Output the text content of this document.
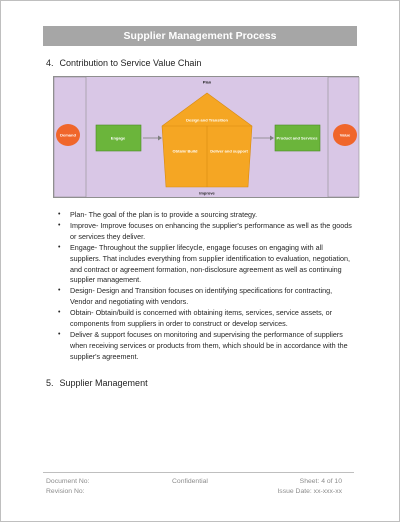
Supplier Management Process
4. Contribution to Service Value Chain
Plan
Improve
Demand	Value
Engage	Product and Services
Design and Transition
Obtain/ Build	Deliver and support
• Plan- The goal of the plan is to provide a sourcing strategy.
• Improve- Improve focuses on enhancing the supplier's performance as well as the goods or services they deliver.
• Engage- Throughout the supplier lifecycle, engage focuses on engaging with all suppliers. That includes everything from supplier identification to evaluation, negotiation, and contract or agreement formation, non-disclosure agreement as well as continuing supplier management.
• Design- Design and Transition focuses on identifying specifications for contracting, Vendor and negotiating with vendors.
• Obtain- Obtain/build is concerned with obtaining items, services, service assets, or components from suppliers in order to construct or develop services.
• Deliver & support focuses on monitoring and supervising the performance of suppliers when receiving services or products from them, which should be in accordance with the supplier's agreement.
5. Supplier Management
Document No:
Revision No:
Confidential	Sheet: 4 of 10
Issue Date: xx-xxx-xx
